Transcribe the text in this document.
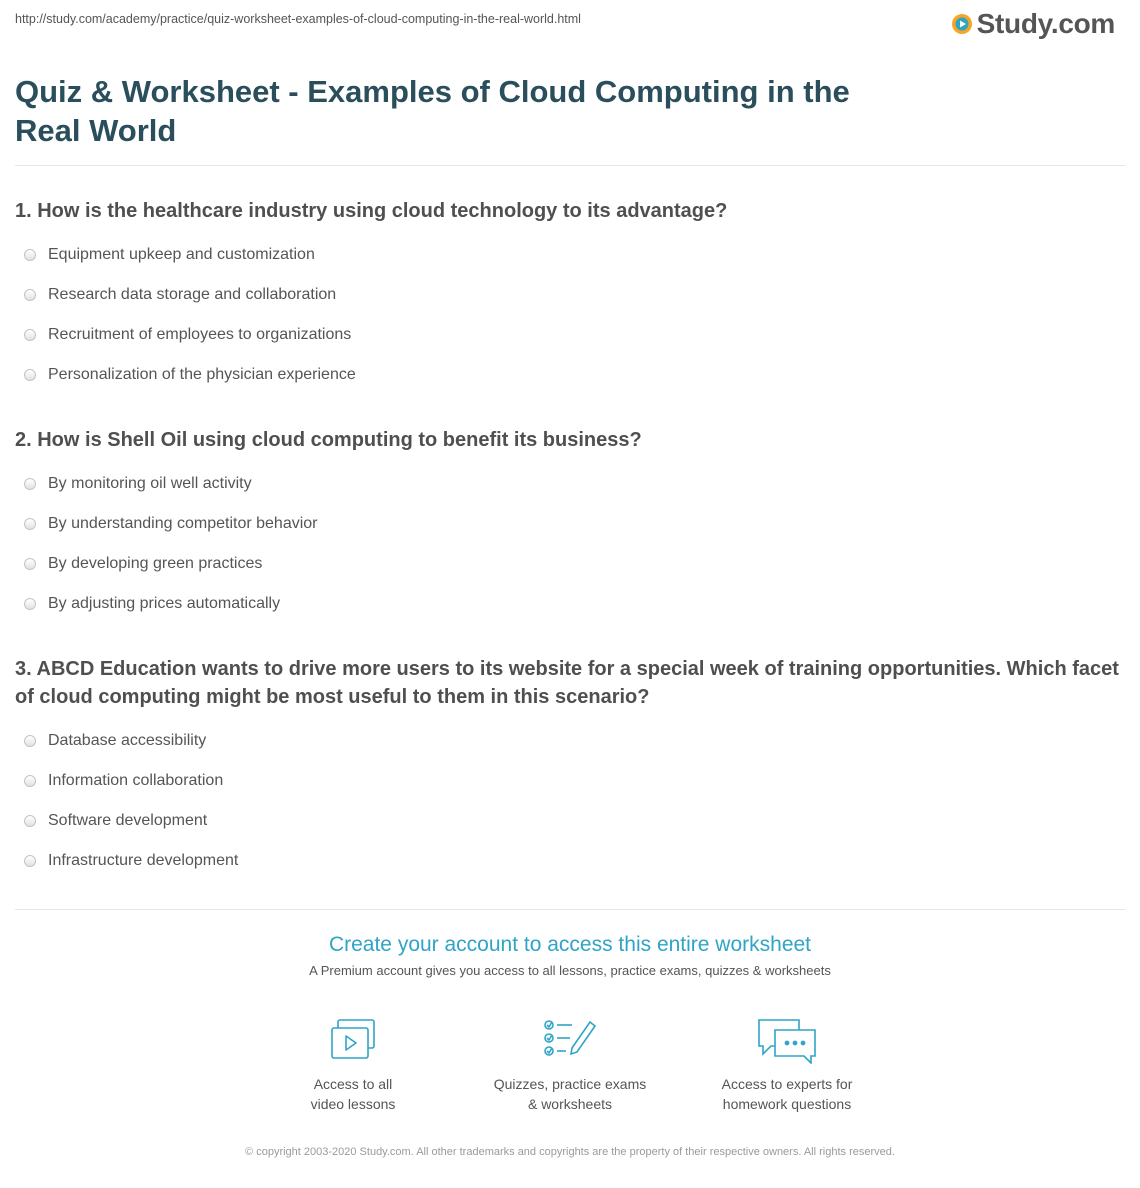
http://study.com/academy/practice/quiz-worksheet-examples-of-cloud-computing-in-the-real-world.html	Study.com
Quiz & Worksheet - Examples of Cloud Computing in the Real World
1. How is the healthcare industry using cloud technology to its advantage?
Equipment upkeep and customization
Research data storage and collaboration
Recruitment of employees to organizations
Personalization of the physician experience
2. How is Shell Oil using cloud computing to benefit its business?
By monitoring oil well activity
By understanding competitor behavior
By developing green practices
By adjusting prices automatically
3. ABCD Education wants to drive more users to its website for a special week of training opportunities. Which facet of cloud computing might be most useful to them in this scenario?
Database accessibility
Information collaboration
Software development
Infrastructure development
Create your account to access this entire worksheet
A Premium account gives you access to all lessons, practice exams, quizzes & worksheets
Access to all
video lessons
Quizzes, practice exams
& worksheets
Access to experts for
homework questions
© copyright 2003-2020 Study.com. All other trademarks and copyrights are the property of their respective owners. All rights reserved.
